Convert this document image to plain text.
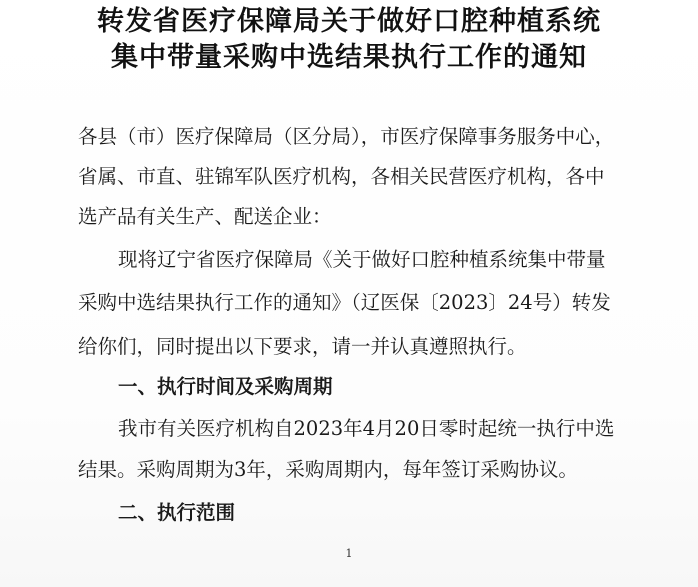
转发省医疗保障局关于做好口腔种植系统
集中带量采购中选结果执行工作的通知
各县（市）医疗保障局（区分局），市医疗保障事务服务中心，
省属、市直、驻锦军队医疗机构，各相关民营医疗机构，各中
选产品有关生产、配送企业：
现将辽宁省医疗保障局《关于做好口腔种植系统集中带量
采购中选结果执行工作的通知》（辽医保〔2023〕24号）转发
给你们，同时提出以下要求，请一并认真遵照执行。
一、执行时间及采购周期
我市有关医疗机构自2023年4月20日零时起统一执行中选
结果。采购周期为3年，采购周期内，每年签订采购协议。
二、执行范围
1
